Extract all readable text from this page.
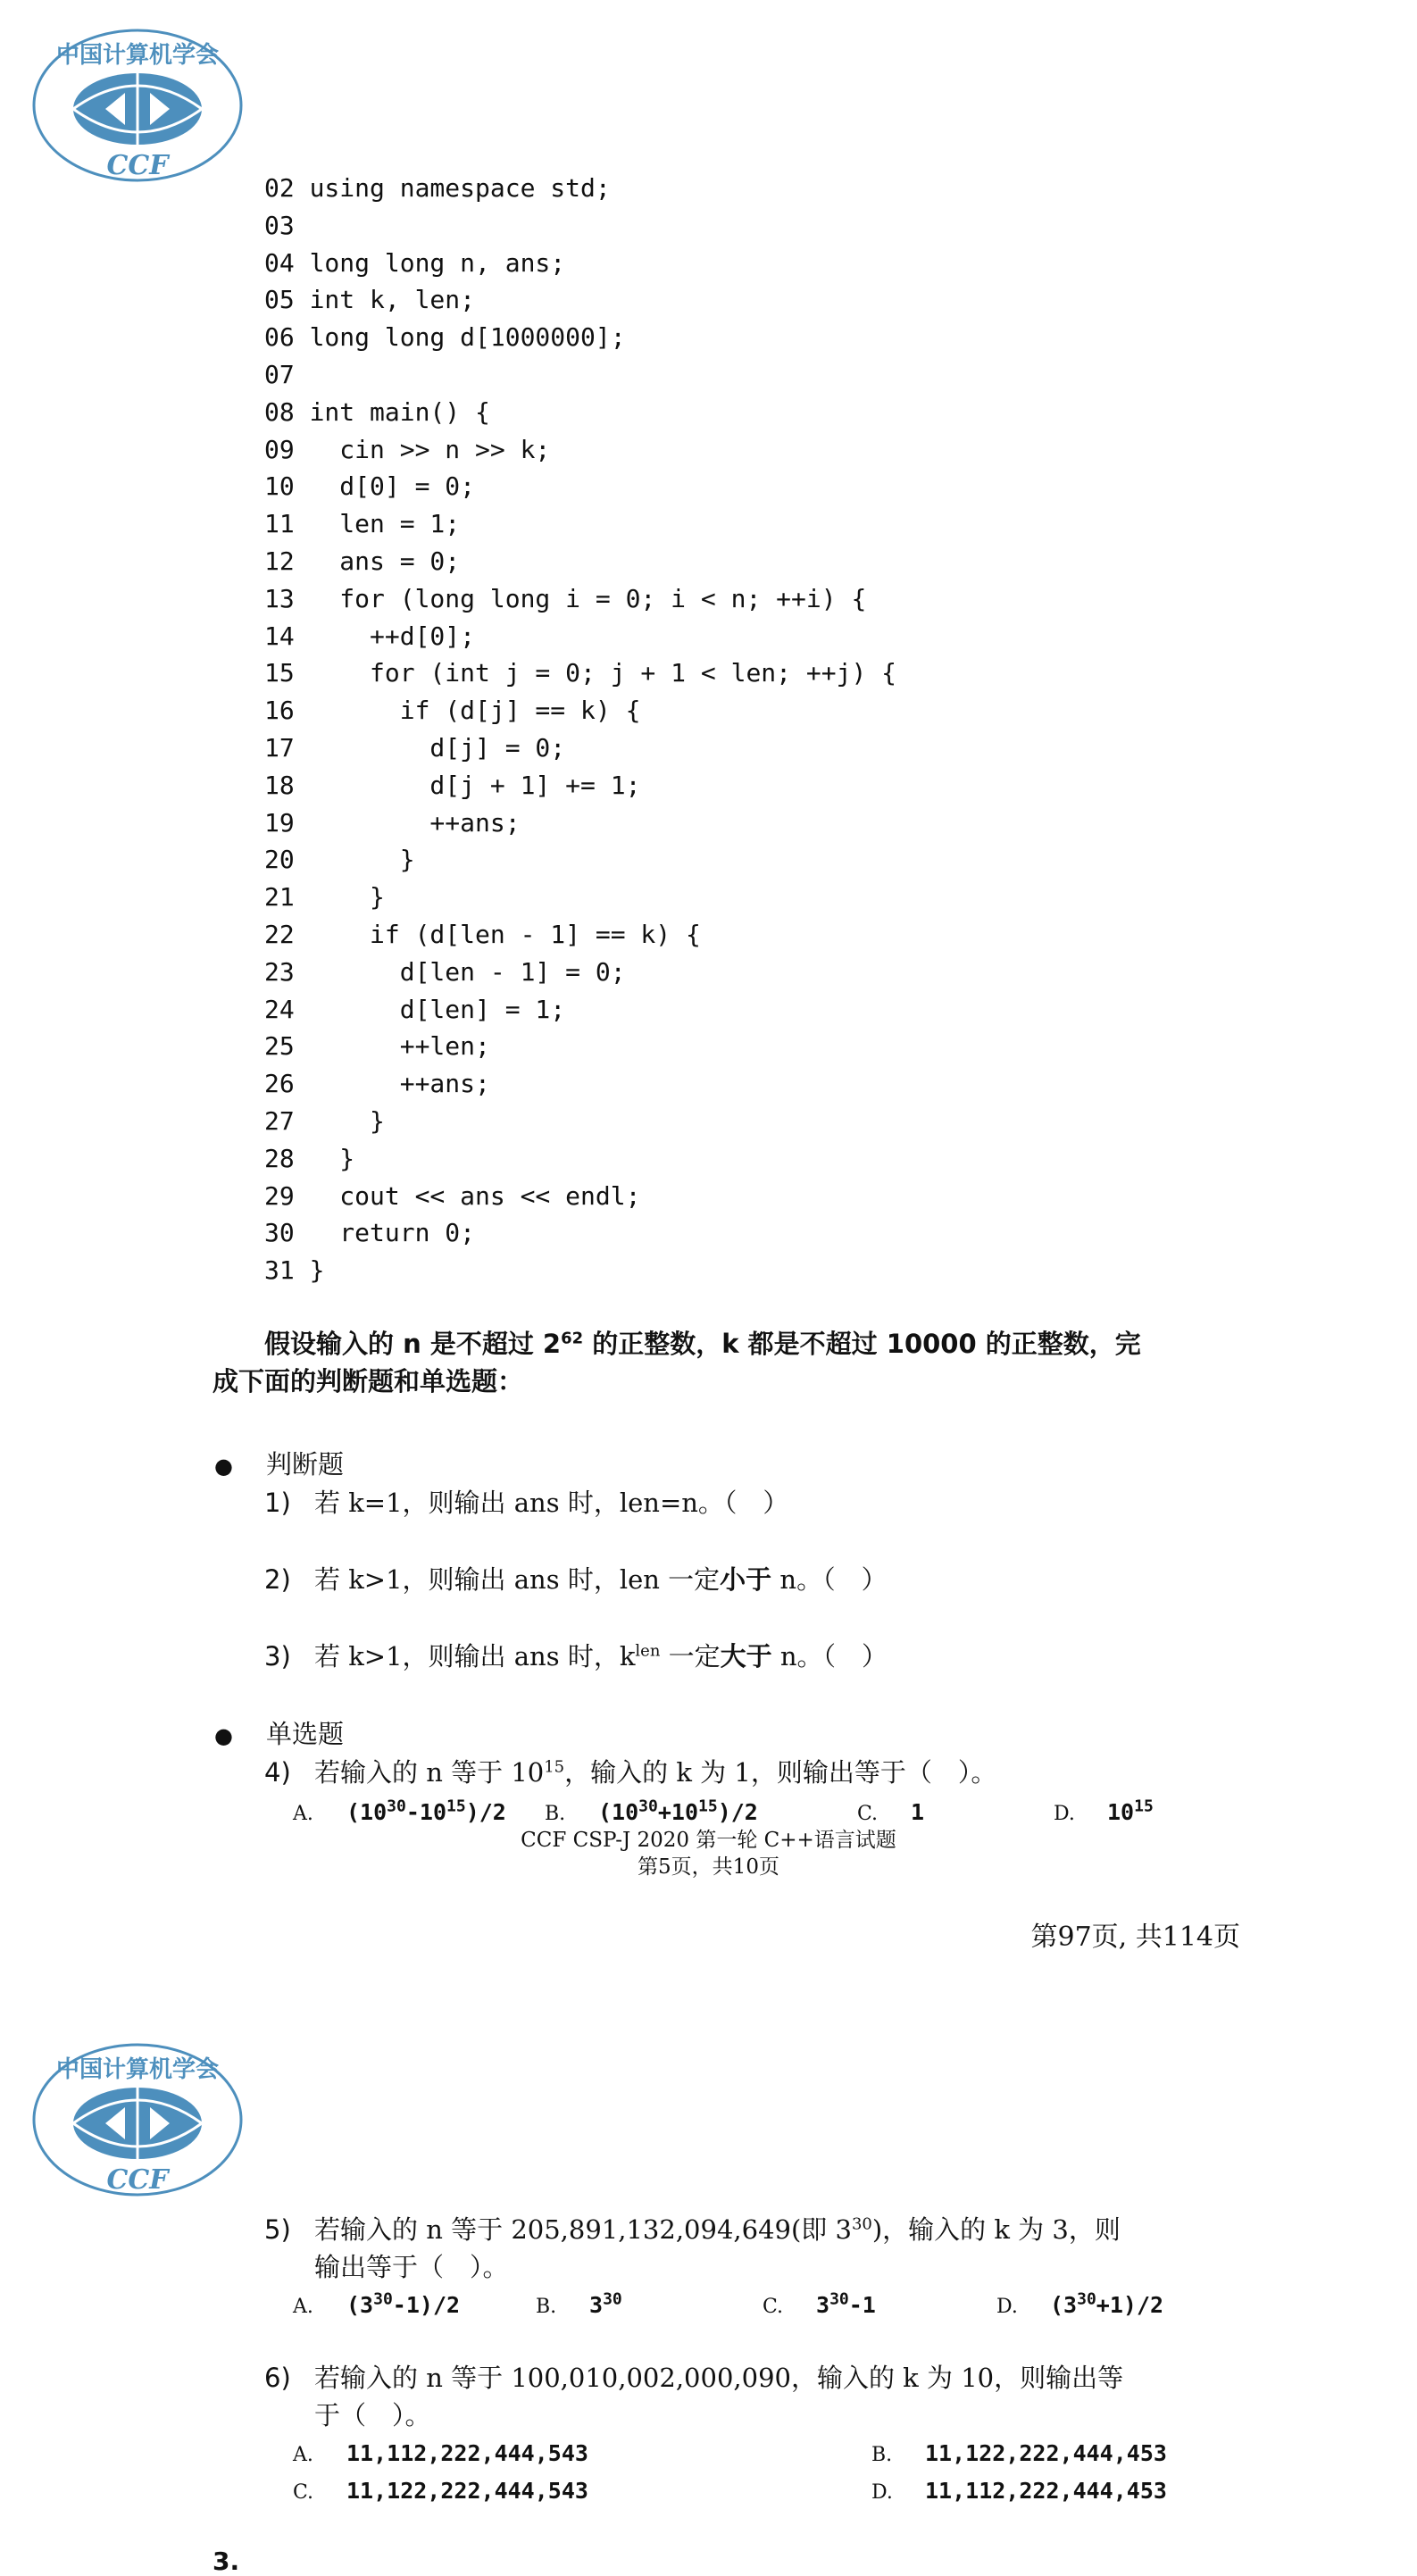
中国计算机学会
CCF
02 using namespace std;
03
04 long long n, ans;
05 int k, len;
06 long long d[1000000];
07
08 int main() {
09   cin >> n >> k;
10   d[0] = 0;
11   len = 1;
12   ans = 0;
13   for (long long i = 0; i < n; ++i) {
14     ++d[0];
15     for (int j = 0; j + 1 < len; ++j) {
16       if (d[j] == k) {
17         d[j] = 0;
18         d[j + 1] += 1;
19         ++ans;
20       }
21     }
22     if (d[len - 1] == k) {
23       d[len - 1] = 0;
24       d[len] = 1;
25       ++len;
26       ++ans;
27     }
28   }
29   cout << ans << endl;
30   return 0;
31 }
假设输入的 n 是不超过 $2^{62}$ 的正整数，k 都是不超过 10000 的正整数，完
成下面的判断题和单选题：
● 判断题
1) 若 k=1，则输出 ans 时，len=n。（　）
2) 若 k>1，则输出 ans 时，len 一定小于 n。（　）
3) 若 k>1，则输出 ans 时，$k^{len}$ 一定大于 n。（　）
● 单选题
4) 若输入的 n 等于 $10^{15}$，输入的 k 为 1，则输出等于（　）。
A. $(10^{30}-10^{15})/2$ B. $(10^{30}+10^{15})/2$	C. 1	D. $10^{15}$
CCF CSP-J 2020 第一轮 C++语言试题
第5页，共10页
第97页, 共114页
中国计算机学会
CCF
5) 若输入的 n 等于 205,891,132,094,649(即 $3^{30}$)，输入的 k 为 3，则
输出等于（　）。
A. $(3^{30}-1)/2$	B. $3^{30}$	C. $3^{30}-1$	D. $(3^{30}+1)/2$
6) 若输入的 n 等于 100,010,002,000,090，输入的 k 为 10，则输出等
于（　）。
A. 11,112,222,444,543	B. 11,122,222,444,453
C. 11,122,222,444,543	D. 11,112,222,444,453
3.
